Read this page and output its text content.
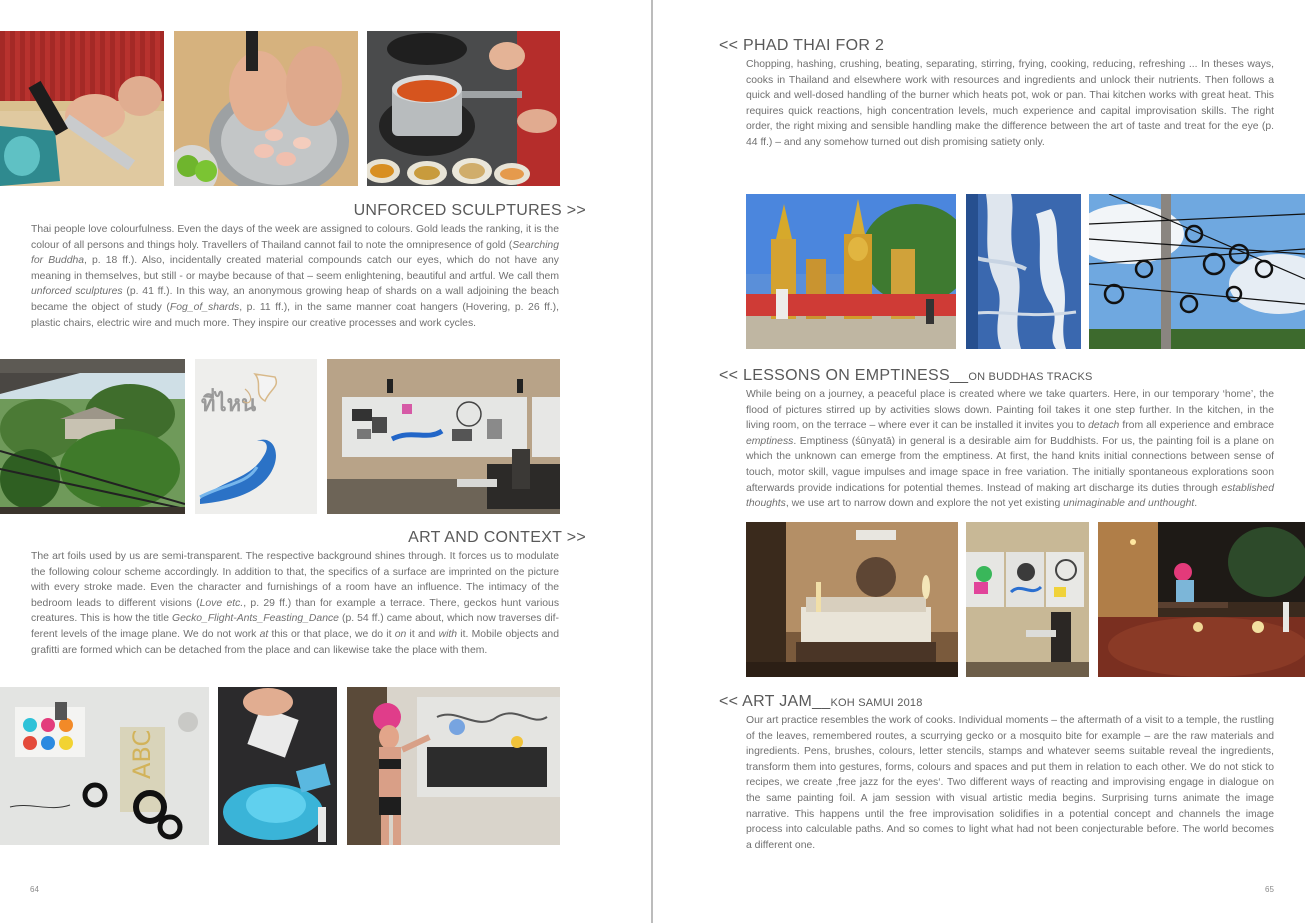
UNFORCED SCULPTURES >>

Thai people love colourfulness. Even the days of the week are assigned to colours. Gold leads the ranking, it is the colour of all persons and things holy. Travellers of Thailand cannot fail to note the omnipresence of gold (Searching for Buddha, p. 18 ff.). Also, incidentally created material compounds catch our eyes, which do not have any meaning in themselves, but still - or maybe because of that – seem enlightening, beautiful and artful. We call them unforced sculptures (p. 41 ff.). In this way, an anonymous growing heap of shards on a wall adjoining the beach became the object of study (Fog_of_shards, p. 11 ff.), in the same manner coat hangers (Hovering, p. 26 ff.), plastic chairs, electric wire and much more. They inspire our creative processes and work cycles.

ที่ไหน
ART AND CONTEXT >>

The art foils used by us are semi-transparent. The respective background shines through. It forces us to modulate the following colour scheme accordingly. In addition to that, the specifics of a surface are imprinted on the picture with every stroke made. Even the character and furnishings of a room have an influence. The intimacy of the bedroom leads to different visions (Love etc., p. 29 ff.) than for example a terrace. There, geckos hunt various creatures. This is how the title Gecko_Flight-Ants_Feasting_Dance (p. 54 ff.) came about, which now traverses different levels of the image plane. We do not work at this or that place, we do it on it and with it. Mobile objects and grafitti are formed which can be detached from the place and can likewise take the place with them.

ABC
64
<< PHAD THAI FOR 2

Chopping, hashing, crushing, beating, separating, stirring, frying, cooking, reducing, refreshing ... In theses ways, cooks in Thailand and elsewhere work with resources and ingredients and unlock their nutrients. Then follows a quick and well-dosed handling of the burner which heats pot, wok or pan. Thai kitchen works with great heat. This requires quick reactions, high concentration levels, much experience and capital improvisation skills. The right order, the right mixing and sensible handling make the difference between the art of taste and treat for the eye (p. 44 ff.) – and any somehow turned out dish promising satiety only.

<< LESSONS ON EMPTINESS__ON BUDDHAS TRACKS

While being on a journey, a peaceful place is created where we take quarters. Here, in our temporary ‘home’, the flood of pictures stirred up by activities slows down. Painting foil takes it one step further. In the kitchen, in the living room, on the terrace – where ever it can be installed it invites you to detach from all experience and embrace emptiness. Emptiness (śūnyatā) in general is a desirable aim for Buddhists. For us, the painting foil is a plane on which the unknown can emerge from the emptiness. At first, the hand knits initial connections between sense of touch, motor skill, vague impulses and image space in free variation. The initially spontaneous explorations soon afterwards provide indications for potential themes. Instead of making art discharge its duties through established thoughts, we use art to narrow down and explore the not yet existing unimaginable and unthought.

<< ART JAM__KOH SAMUI 2018

Our art practice resembles the work of cooks. Individual moments – the aftermath of a visit to a temple, the rustling of the leaves, remembered routes, a scurrying gecko or a mosquito bite for example – are the raw materials and ingredients. Pens, brushes, colours, letter stencils, stamps and whatever seems suitable reveal the ingredients, transform them into gestures, forms, colours and spaces and put them in relation to each other. We do not stick to recipes, we create ‚free jazz for the eyes‘. Two different ways of reacting and improvising engage in dialogue on the same painting foil. A jam session with visual artistic media begins. Surprising turns animate the image narrative. This happens until the free improvisation solidifies in a potential concept and channels the image process into calculable paths. And so comes to light what had not been conjecturable before. The world becomes a different one.

65
